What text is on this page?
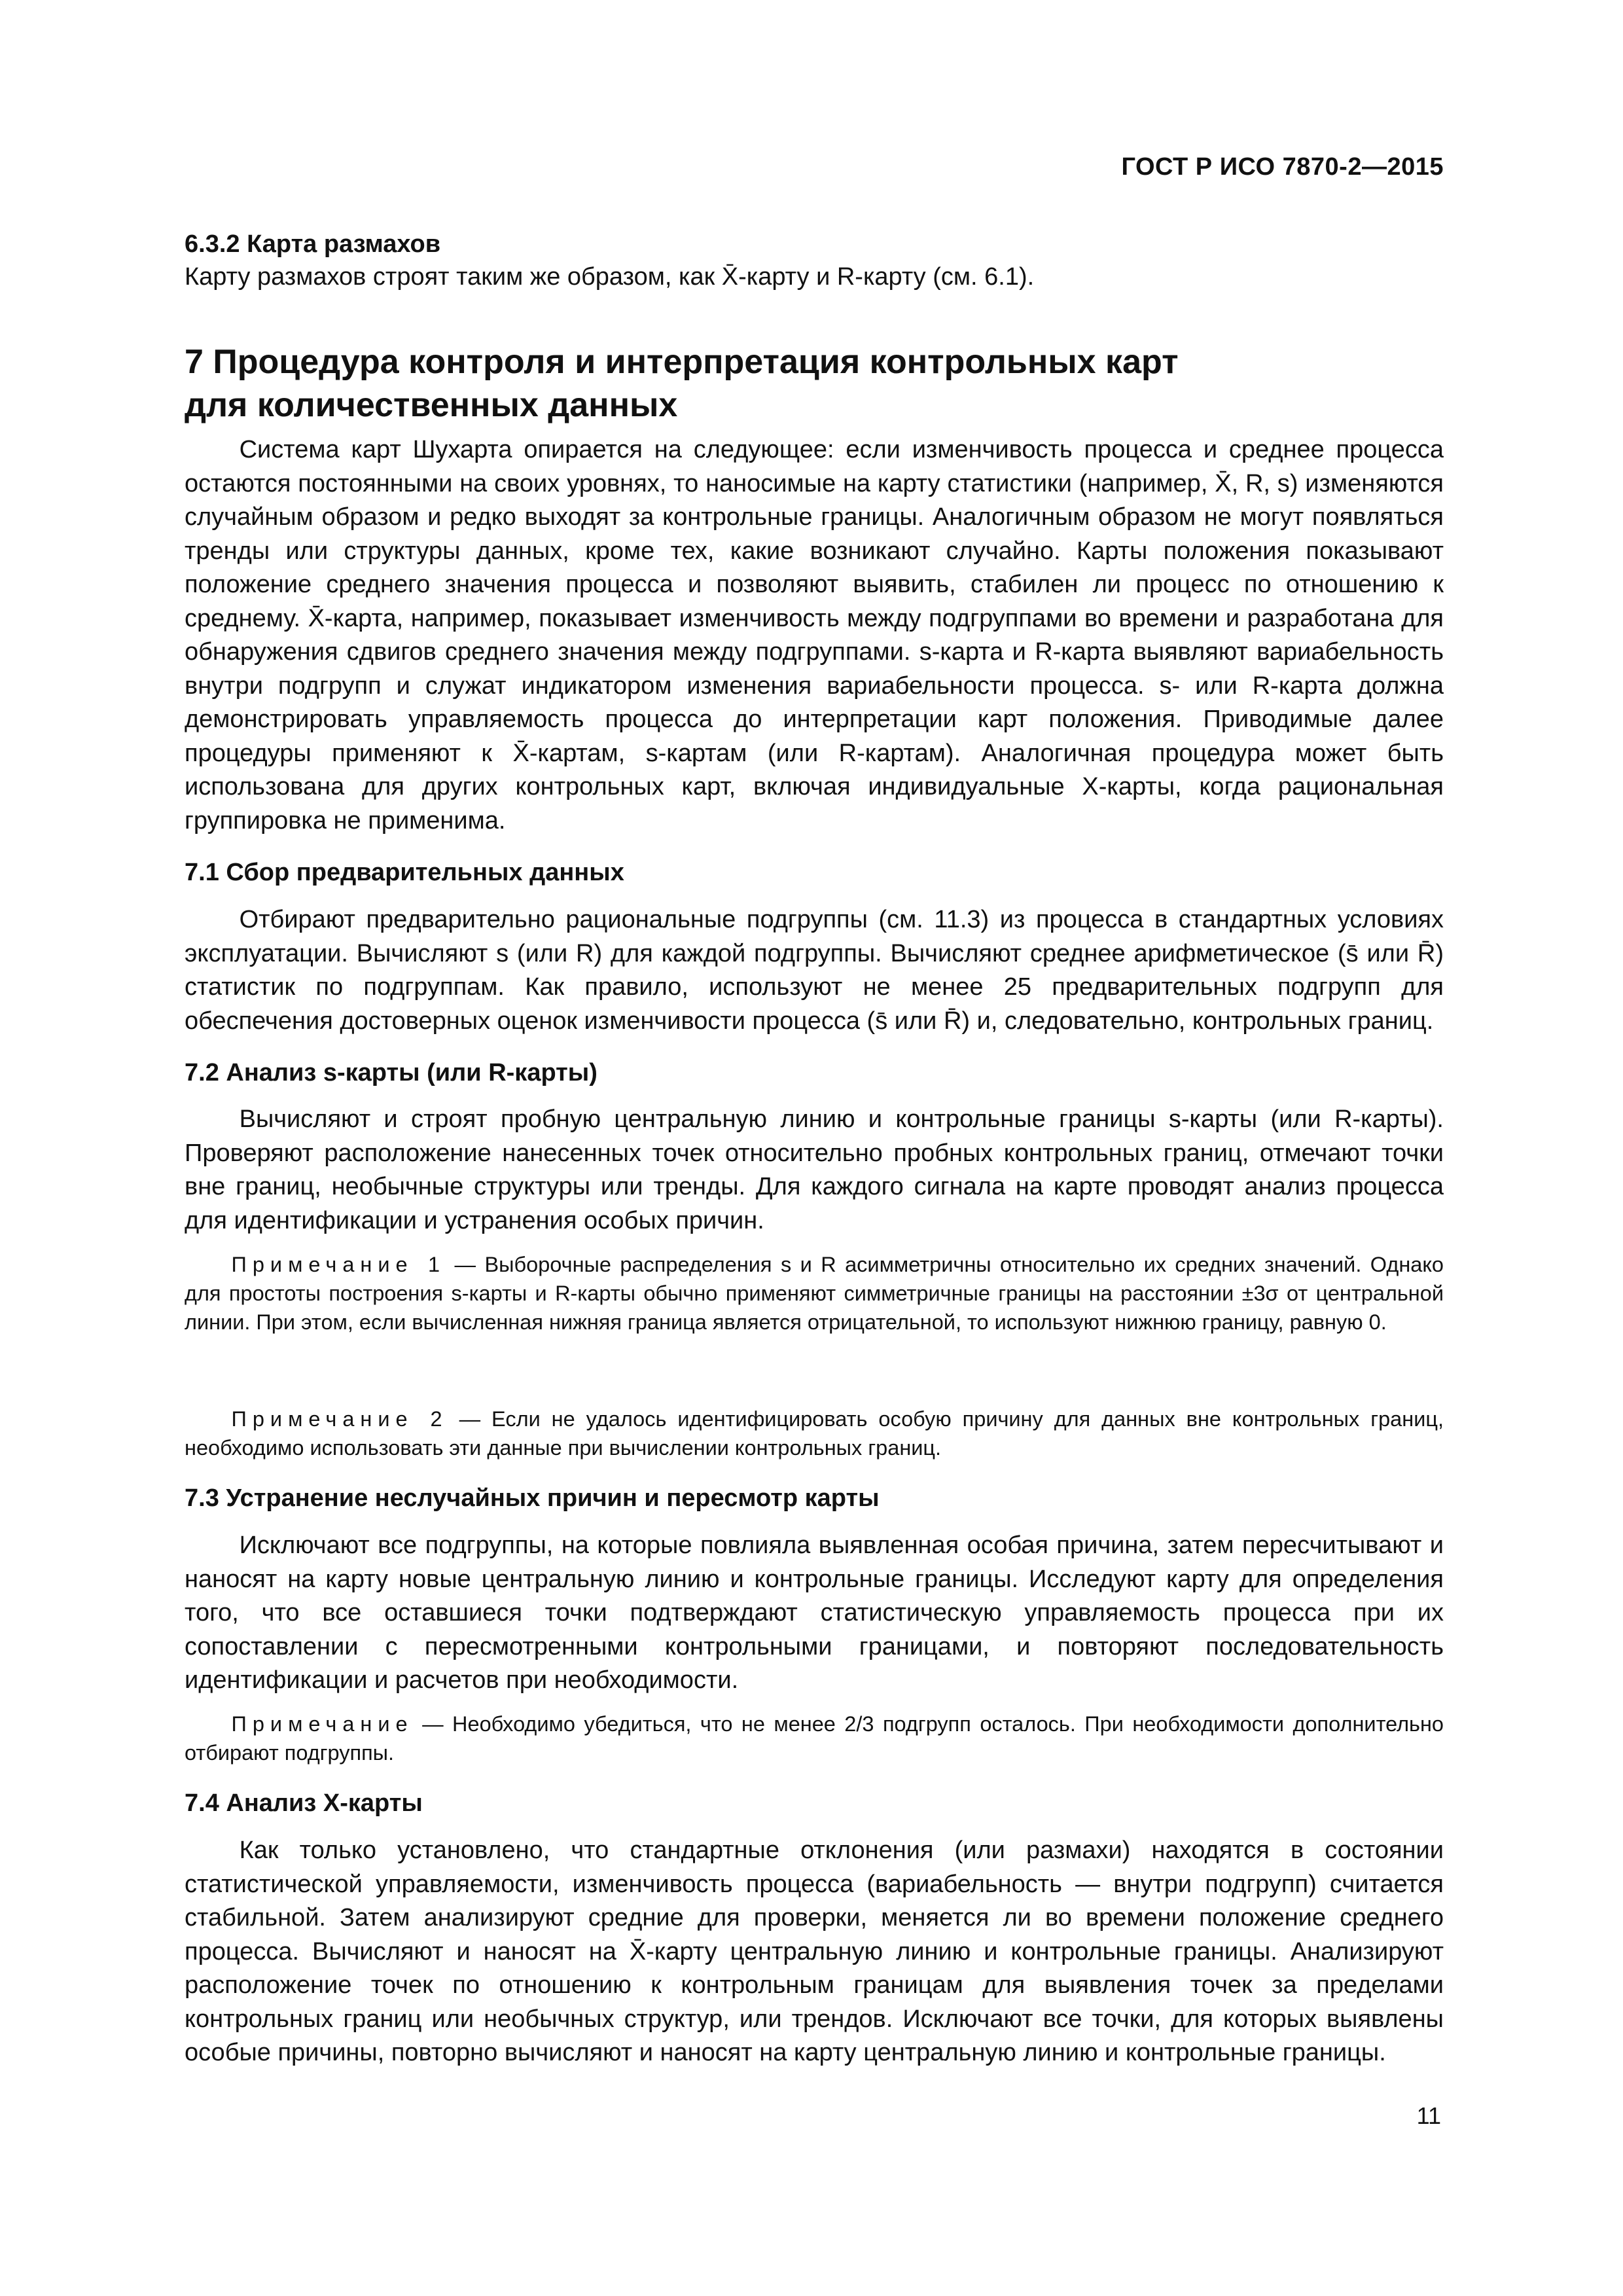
ГОСТ Р ИСО 7870-2—2015
6.3.2 Карта размахов

Карту размахов строят таким же образом, как X̄-карту и R-карту (см. 6.1).

7 Процедура контроля и интерпретация контрольных карт
для количественных данных

Система карт Шухарта опирается на следующее: если изменчивость процесса и среднее процесса остаются постоянными на своих уровнях, то наносимые на карту статистики (например, X̄, R, s) изменяются случайным образом и редко выходят за контрольные границы. Аналогичным образом не могут появляться тренды или структуры данных, кроме тех, какие возникают случайно. Карты положения показывают положение среднего значения процесса и позволяют выявить, стабилен ли процесс по отношению к среднему. X̄-карта, например, показывает изменчивость между подгруппами во времени и разработана для обнаружения сдвигов среднего значения между подгруппами. s-карта и R-карта выявляют вариабельность внутри подгрупп и служат индикатором изменения вариабельности процесса. s- или R-карта должна демонстрировать управляемость процесса до интерпретации карт положения. Приводимые далее процедуры применяют к X̄-картам, s-картам (или R-картам). Аналогичная процедура может быть использована для других контрольных карт, включая индивидуальные X-карты, когда рациональная группировка не применима.

7.1 Сбор предварительных данных

Отбирают предварительно рациональные подгруппы (см. 11.3) из процесса в стандартных условиях эксплуатации. Вычисляют s (или R) для каждой подгруппы. Вычисляют среднее арифметическое (s̄ или R̄) статистик по подгруппам. Как правило, используют не менее 25 предварительных подгрупп для обеспечения достоверных оценок изменчивости процесса (s̄ или R̄) и, следовательно, контрольных границ.

7.2 Анализ s-карты (или R-карты)

Вычисляют и строят пробную центральную линию и контрольные границы s-карты (или R-карты). Проверяют расположение нанесенных точек относительно пробных контрольных границ, отмечают точки вне границ, необычные структуры или тренды. Для каждого сигнала на карте проводят анализ процесса для идентификации и устранения особых причин.

Примечание 1 — Выборочные распределения s и R асимметричны относительно их средних значений. Однако для простоты построения s-карты и R-карты обычно применяют симметричные границы на расстоянии ±3σ от центральной линии. При этом, если вычисленная нижняя граница является отрицательной, то используют нижнюю границу, равную 0.

Примечание 2 — Если не удалось идентифицировать особую причину для данных вне контрольных границ, необходимо использовать эти данные при вычислении контрольных границ.

7.3 Устранение неслучайных причин и пересмотр карты

Исключают все подгруппы, на которые повлияла выявленная особая причина, затем пересчитывают и наносят на карту новые центральную линию и контрольные границы. Исследуют карту для определения того, что все оставшиеся точки подтверждают статистическую управляемость процесса при их сопоставлении с пересмотренными контрольными границами, и повторяют последовательность идентификации и расчетов при необходимости.

Примечание — Необходимо убедиться, что не менее 2/3 подгрупп осталось. При необходимости дополнительно отбирают подгруппы.

7.4 Анализ X-карты

Как только установлено, что стандартные отклонения (или размахи) находятся в состоянии статистической управляемости, изменчивость процесса (вариабельность — внутри подгрупп) считается стабильной. Затем анализируют средние для проверки, меняется ли во времени положение среднего процесса. Вычисляют и наносят на X̄-карту центральную линию и контрольные границы. Анализируют расположение точек по отношению к контрольным границам для выявления точек за пределами контрольных границ или необычных структур, или трендов. Исключают все точки, для которых выявлены особые причины, повторно вычисляют и наносят на карту центральную линию и контрольные границы.

11
